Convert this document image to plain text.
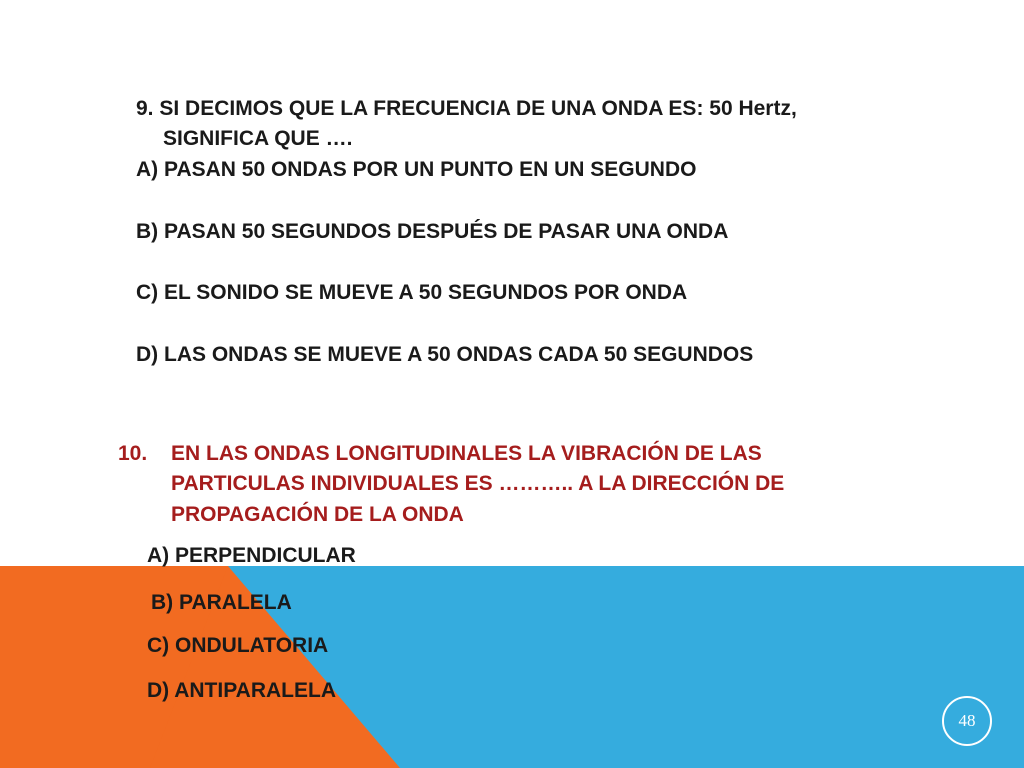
9. SI DECIMOS QUE LA FRECUENCIA DE UNA ONDA ES: 50 Hertz,

SIGNIFICA QUE ….

A) PASAN 50 ONDAS POR UN PUNTO EN UN SEGUNDO

B) PASAN 50 SEGUNDOS DESPUÉS DE PASAR UNA ONDA

C) EL SONIDO SE MUEVE A 50 SEGUNDOS POR ONDA

D) LAS ONDAS SE MUEVE A 50 ONDAS CADA 50 SEGUNDOS

10. EN LAS ONDAS LONGITUDINALES LA VIBRACIÓN DE LAS

PARTICULAS INDIVIDUALES ES ……….. A LA DIRECCIÓN DE

PROPAGACIÓN DE LA ONDA

A) PERPENDICULAR

B) PARALELA

C) ONDULATORIA

D) ANTIPARALELA

48
